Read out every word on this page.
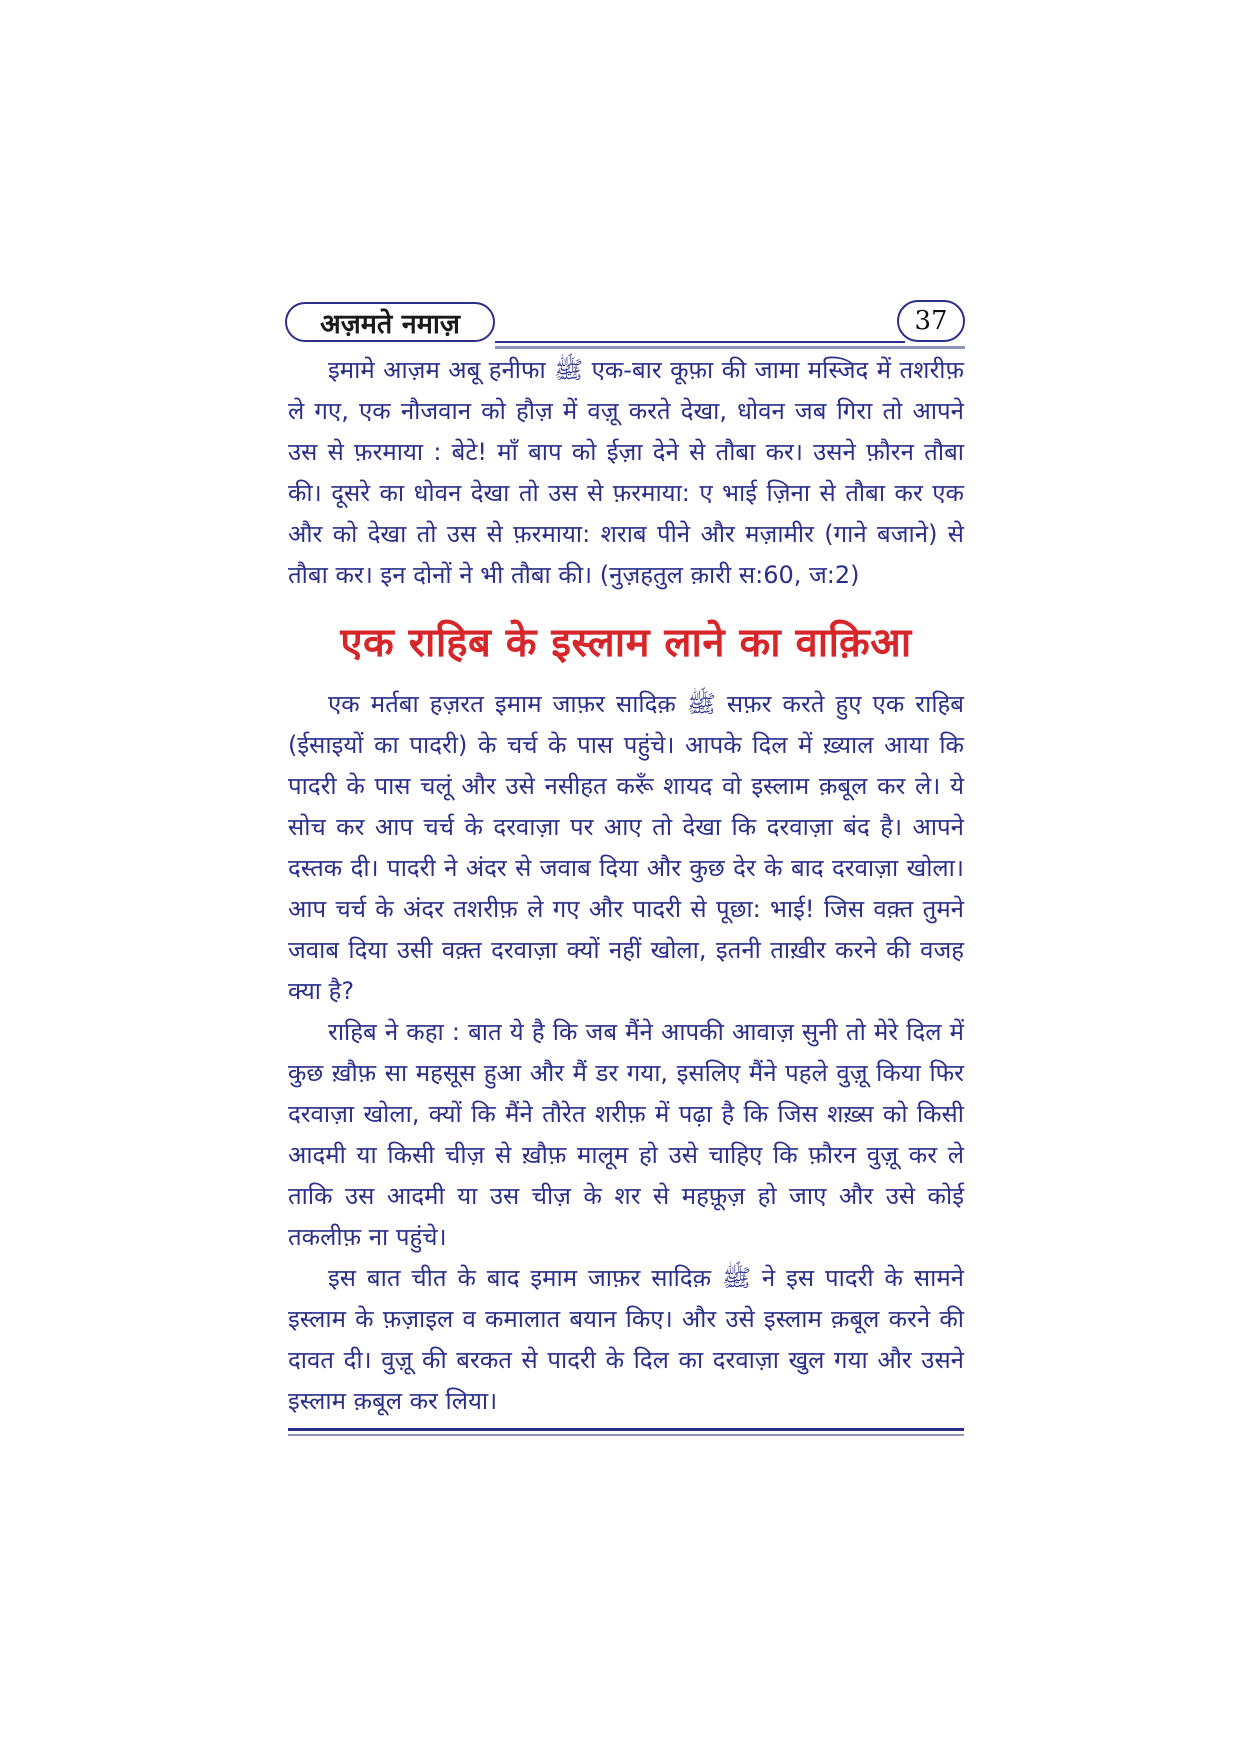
अज़मते नमाज़	37

इमामे आज़म अबू हनीफा ﷺ एक-बार कूफ़ा की जामा मस्जिद में तशरीफ़ ले गए, एक नौजवान को हौज़ में वज़ू करते देखा, धोवन जब गिरा तो आपने उस से फ़रमाया : बेटे! माँ बाप को ईज़ा देने से तौबा कर। उसने फ़ौरन तौबा की। दूसरे का धोवन देखा तो उस से फ़रमाया: ए भाई ज़िना से तौबा कर एक और को देखा तो उस से फ़रमाया: शराब पीने और मज़ामीर (गाने बजाने) से तौबा कर। इन दोनों ने भी तौबा की। (नुज़हतुल क़ारी स:60, ज:2)

एक राहिब के इस्लाम लाने का वाक़िआ

एक मर्तबा हज़रत इमाम जाफ़र सादिक़ ﷺ सफ़र करते हुए एक राहिब (ईसाइयों का पादरी) के चर्च के पास पहुंचे। आपके दिल में ख़्याल आया कि पादरी के पास चलूं और उसे नसीहत करूँ शायद वो इस्लाम क़बूल कर ले। ये सोच कर आप चर्च के दरवाज़ा पर आए तो देखा कि दरवाज़ा बंद है। आपने दस्तक दी। पादरी ने अंदर से जवाब दिया और कुछ देर के बाद दरवाज़ा खोला। आप चर्च के अंदर तशरीफ़ ले गए और पादरी से पूछा: भाई! जिस वक़्त तुमने जवाब दिया उसी वक़्त दरवाज़ा क्यों नहीं खोला, इतनी ताख़ीर करने की वजह क्या है?

राहिब ने कहा : बात ये है कि जब मैंने आपकी आवाज़ सुनी तो मेरे दिल में कुछ ख़ौफ़ सा महसूस हुआ और मैं डर गया, इसलिए मैंने पहले वुज़ू किया फिर दरवाज़ा खोला, क्यों कि मैंने तौरेत शरीफ़ में पढ़ा है कि जिस शख़्स को किसी आदमी या किसी चीज़ से ख़ौफ़ मालूम हो उसे चाहिए कि फ़ौरन वुज़ू कर ले ताकि उस आदमी या उस चीज़ के शर से महफ़ूज़ हो जाए और उसे कोई तकलीफ़ ना पहुंचे।

इस बात चीत के बाद इमाम जाफ़र सादिक़ ﷺ ने इस पादरी के सामने इस्लाम के फ़ज़ाइल व कमालात बयान किए। और उसे इस्लाम क़बूल करने की दावत दी। वुज़ू की बरकत से पादरी के दिल का दरवाज़ा खुल गया और उसने इस्लाम क़बूल कर लिया।
